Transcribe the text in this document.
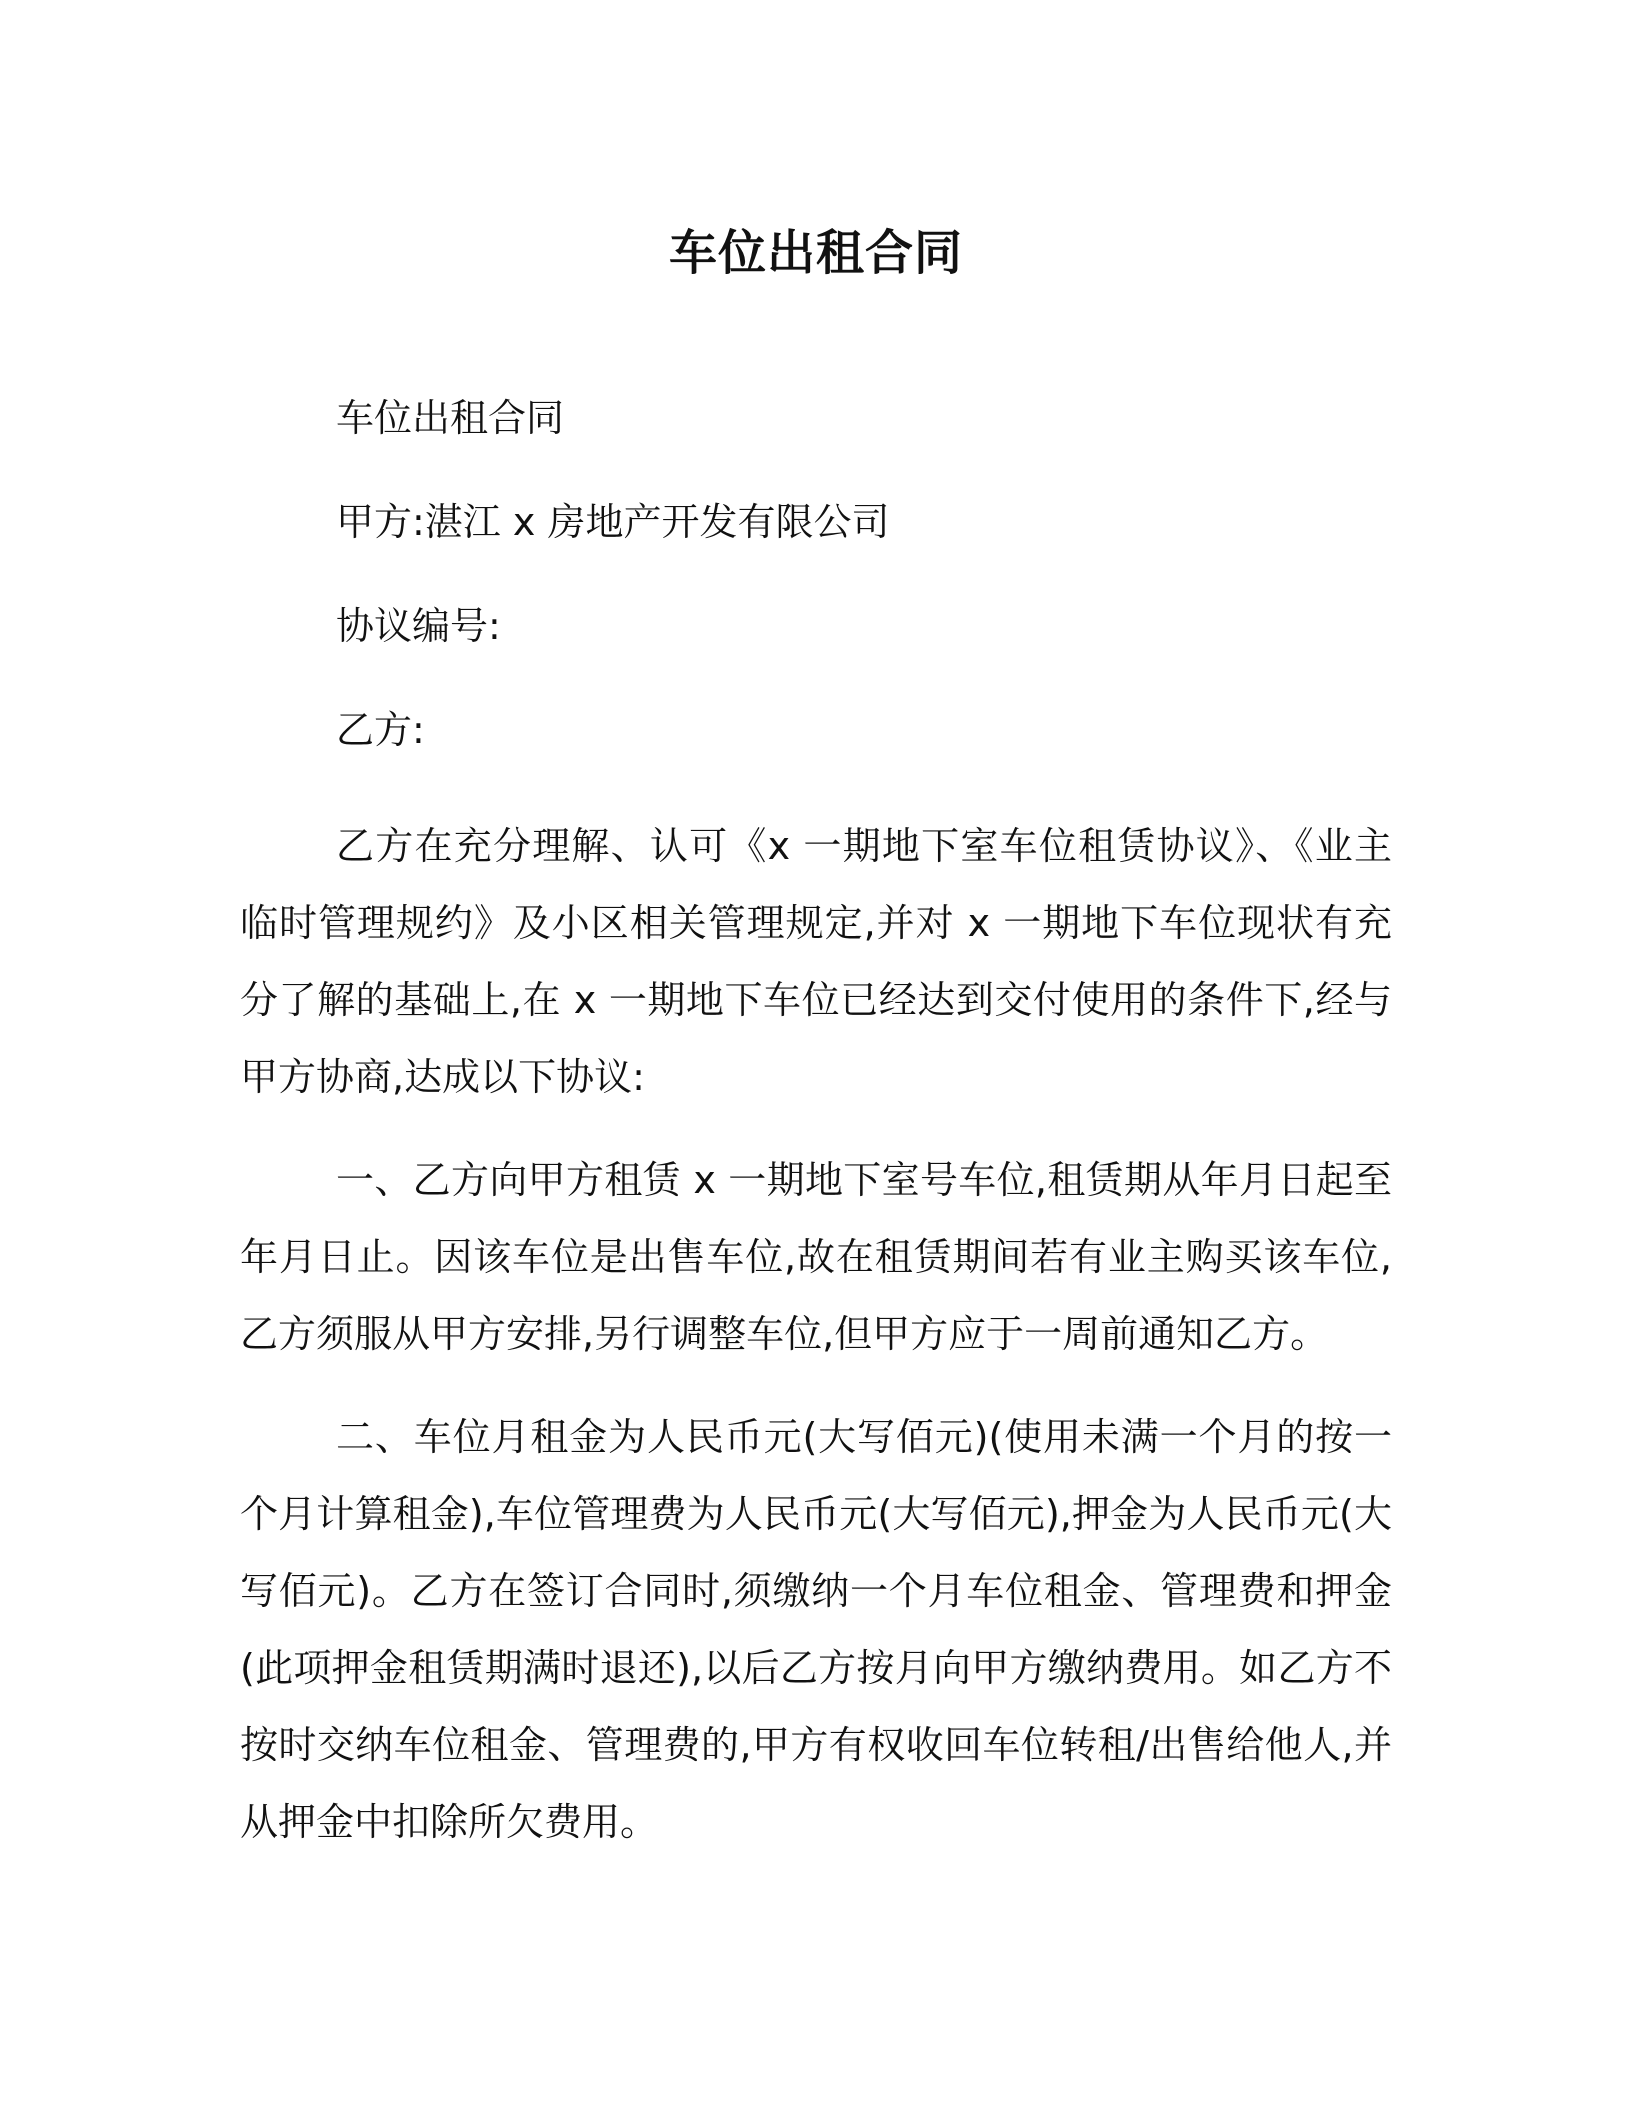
车位出租合同

车位出租合同

甲方:湛江 x 房地产开发有限公司

协议编号:

乙方:

乙方在充分理解、认可《x 一期地下室车位租赁协议》、《业主临时管理规约》及小区相关管理规定,并对 x 一期地下车位现状有充分了解的基础上,在 x 一期地下车位已经达到交付使用的条件下,经与甲方协商,达成以下协议:

一、乙方向甲方租赁 x 一期地下室号车位,租赁期从年月日起至年月日止。因该车位是出售车位,故在租赁期间若有业主购买该车位,乙方须服从甲方安排,另行调整车位,但甲方应于一周前通知乙方。

二、车位月租金为人民币元(大写佰元)(使用未满一个月的按一个月计算租金),车位管理费为人民币元(大写佰元),押金为人民币元(大写佰元)。乙方在签订合同时,须缴纳一个月车位租金、管理费和押金(此项押金租赁期满时退还),以后乙方按月向甲方缴纳费用。如乙方不按时交纳车位租金、管理费的,甲方有权收回车位转租/出售给他人,并从押金中扣除所欠费用。
